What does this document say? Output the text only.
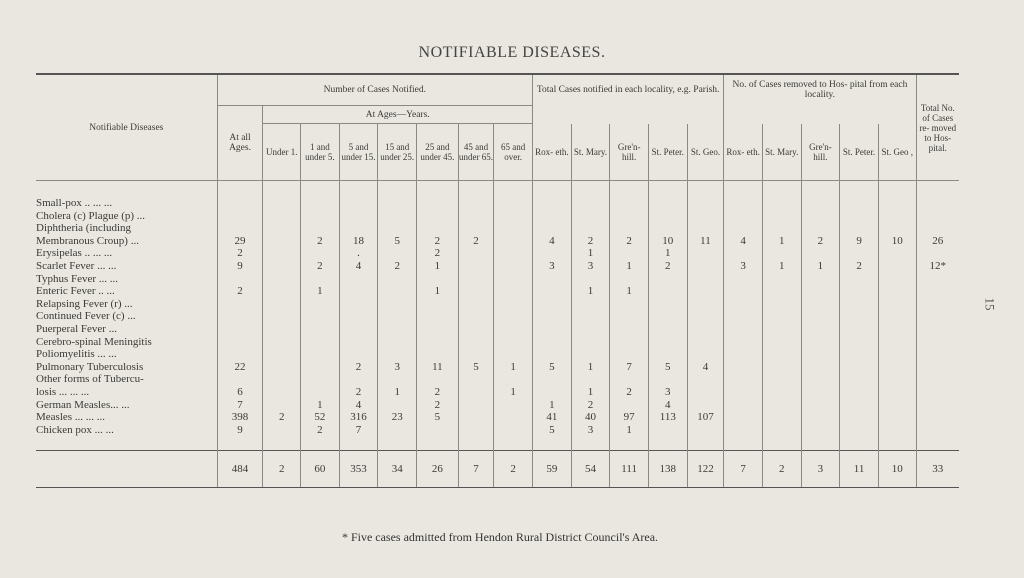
NOTIFIABLE DISEASES.
15
Notifiable Diseases	Number of Cases Notified.								Total Cases notified in each locality, e.g. Parish.					No. of Cases removed to Hos- pital from each locality.					Total No. of Cases re- moved to Hos- pital.
	At all Ages.	At Ages—Years.																	
		Under 1.	1 and under 5.	5 and under 15.	15 and under 25.	25 and under 45.	45 and under 65.	65 and over.	Rox- eth.	St. Mary.	Gre'n- hill.	St. Peter.	St. Geo.	Rox- eth.	St. Mary.	Gre'n- hill.	St. Peter.	St. Geo ,	

Small-pox .. ... ...																			
Cholera (c) Plague (p) ...																			
Diphtheria (including																			
Membranous Croup) ...	29		2	18	5	2	2		4	2	2	10	11	4	1	2	9	10	26
Erysipelas .. ... ...	2			.		2				1		1							
Scarlet Fever ... ...	9		2	4	2	1			3	3	1	2		3	1	1	2		12*
Typhus Fever ... ...																			
Enteric Fever .. ...	2		1			1				1	1								
Relapsing Fever (r) ...																			
Continued Fever (c) ...																			
Puerperal Fever ...																			
Cerebro-spinal Meningitis																			
Poliomyelitis ... ...																			
Pulmonary Tuberculosis	22			2	3	11	5	1	5	1	7	5	4						
Other forms of Tubercu-																			
losis ... ... ...	6			2	1	2		1		1	2	3							
German Measles... ...	7		1	4		2			1	2		4							
Measles ... ... ...	398	2	52	316	23	5			41	40	97	113	107						
Chicken pox ... ...	9		2	7					5	3	1								

	484	2	60	353	34	26	7	2	59	54	111	138	122	7	2	3	11	10	33
* Five cases admitted from Hendon Rural District Council's Area.
